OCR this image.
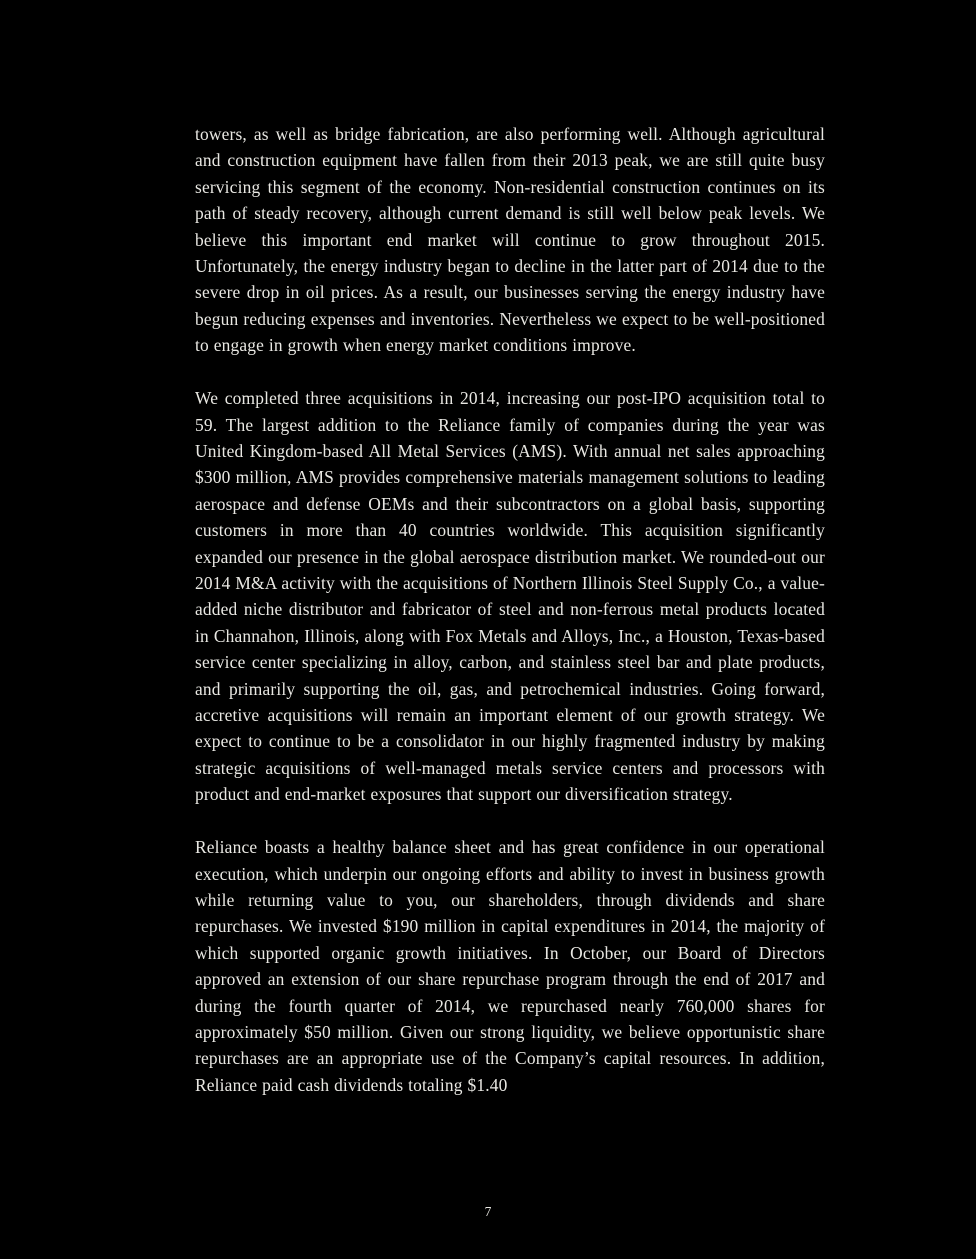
towers, as well as bridge fabrication, are also performing well. Although agricultural and construction equipment have fallen from their 2013 peak, we are still quite busy servicing this segment of the economy. Non-residential construction continues on its path of steady recovery, although current demand is still well below peak levels. We believe this important end market will continue to grow throughout 2015. Unfortunately, the energy industry began to decline in the latter part of 2014 due to the severe drop in oil prices. As a result, our businesses serving the energy industry have begun reducing expenses and inventories. Nevertheless we expect to be well-positioned to engage in growth when energy market conditions improve.

We completed three acquisitions in 2014, increasing our post-IPO acquisition total to 59. The largest addition to the Reliance family of companies during the year was United Kingdom-based All Metal Services (AMS). With annual net sales approaching $300 million, AMS provides comprehensive materials management solutions to leading aerospace and defense OEMs and their subcontractors on a global basis, supporting customers in more than 40 countries worldwide. This acquisition significantly expanded our presence in the global aerospace distribution market. We rounded-out our 2014 M&A activity with the acquisitions of Northern Illinois Steel Supply Co., a value-added niche distributor and fabricator of steel and non-ferrous metal products located in Channahon, Illinois, along with Fox Metals and Alloys, Inc., a Houston, Texas-based service center specializing in alloy, carbon, and stainless steel bar and plate products, and primarily supporting the oil, gas, and petrochemical industries. Going forward, accretive acquisitions will remain an important element of our growth strategy. We expect to continue to be a consolidator in our highly fragmented industry by making strategic acquisitions of well-managed metals service centers and processors with product and end-market exposures that support our diversification strategy.

Reliance boasts a healthy balance sheet and has great confidence in our operational execution, which underpin our ongoing efforts and ability to invest in business growth while returning value to you, our shareholders, through dividends and share repurchases. We invested $190 million in capital expenditures in 2014, the majority of which supported organic growth initiatives. In October, our Board of Directors approved an extension of our share repurchase program through the end of 2017 and during the fourth quarter of 2014, we repurchased nearly 760,000 shares for approximately $50 million. Given our strong liquidity, we believe opportunistic share repurchases are an appropriate use of the Company’s capital resources. In addition, Reliance paid cash dividends totaling $1.40

7
